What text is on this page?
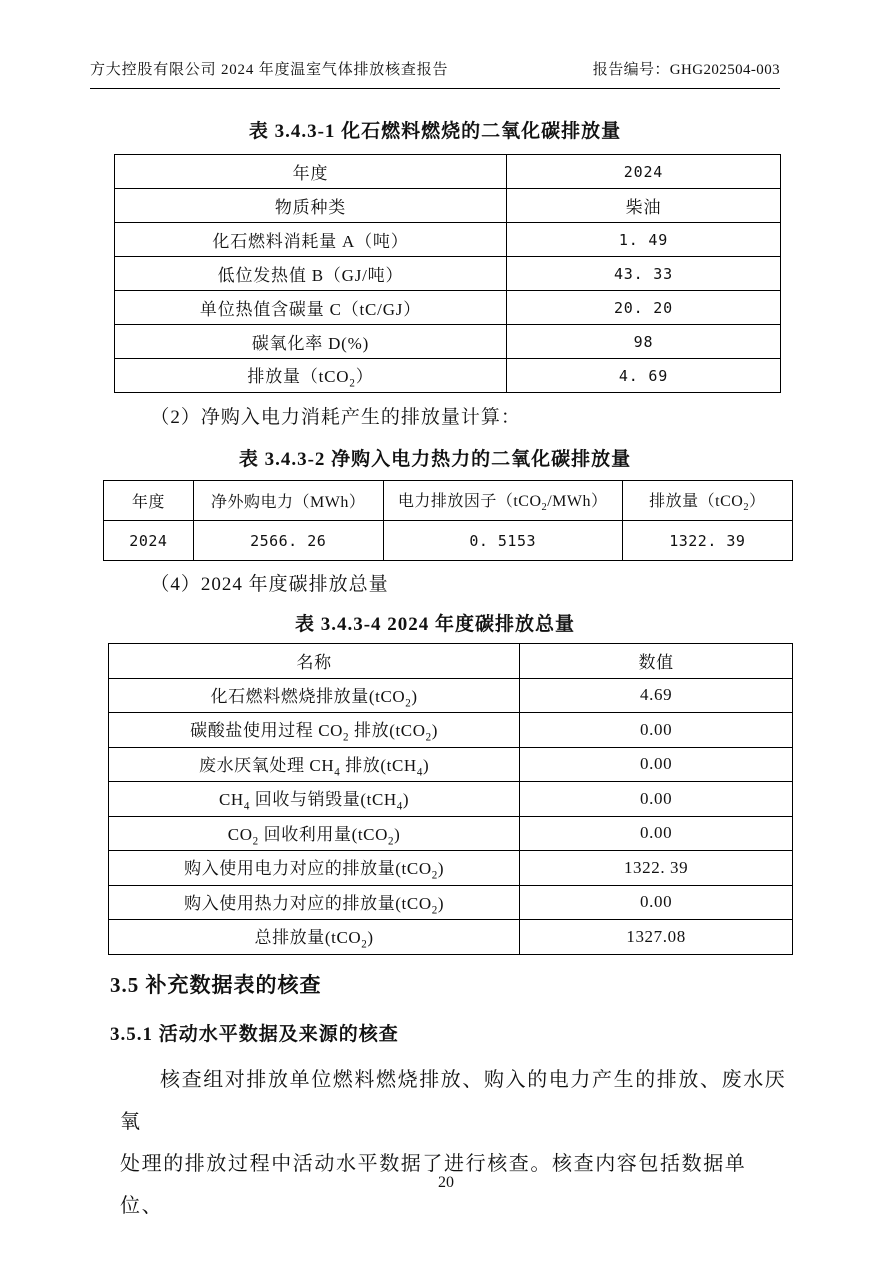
方大控股有限公司 2024 年度温室气体排放核查报告	报告编号：GHG202504-003
表 3.4.3-1 化石燃料燃烧的二氧化碳排放量
年度	2024
物质种类	柴油
化石燃料消耗量 A（吨）	1. 49
低位发热值 B（GJ/吨）	43. 33
单位热值含碳量 C（tC/GJ）	20. 20
碳氧化率 D(%)	98
排放量（tCO$_2$）	4. 69
（2）净购入电力消耗产生的排放量计算：
表 3.4.3-2 净购入电力热力的二氧化碳排放量
年度	净外购电力（MWh）	电力排放因子（tCO$_2$/MWh）	排放量（tCO$_2$）
2024	2566. 26	0. 5153	1322. 39
（4）2024 年度碳排放总量
表 3.4.3-4 2024 年度碳排放总量
名称	数值
化石燃料燃烧排放量(tCO$_2$)	4.69
碳酸盐使用过程 $CO_2$ 排放(tCO$_2$)	0.00
废水厌氧处理 $CH_4$ 排放(tCH$_4$)	0.00
$CH_4$ 回收与销毁量(tCH$_4$)	0.00
$CO_2$ 回收利用量(tCO$_2$)	0.00
购入使用电力对应的排放量(tCO$_2$)	1322. 39
购入使用热力对应的排放量(tCO$_2$)	0.00
总排放量(tCO$_2$)	1327.08
3.5 补充数据表的核查
3.5.1 活动水平数据及来源的核查
核查组对排放单位燃料燃烧排放、购入的电力产生的排放、废水厌氧
处理的排放过程中活动水平数据了进行核查。核查内容包括数据单位、
20
